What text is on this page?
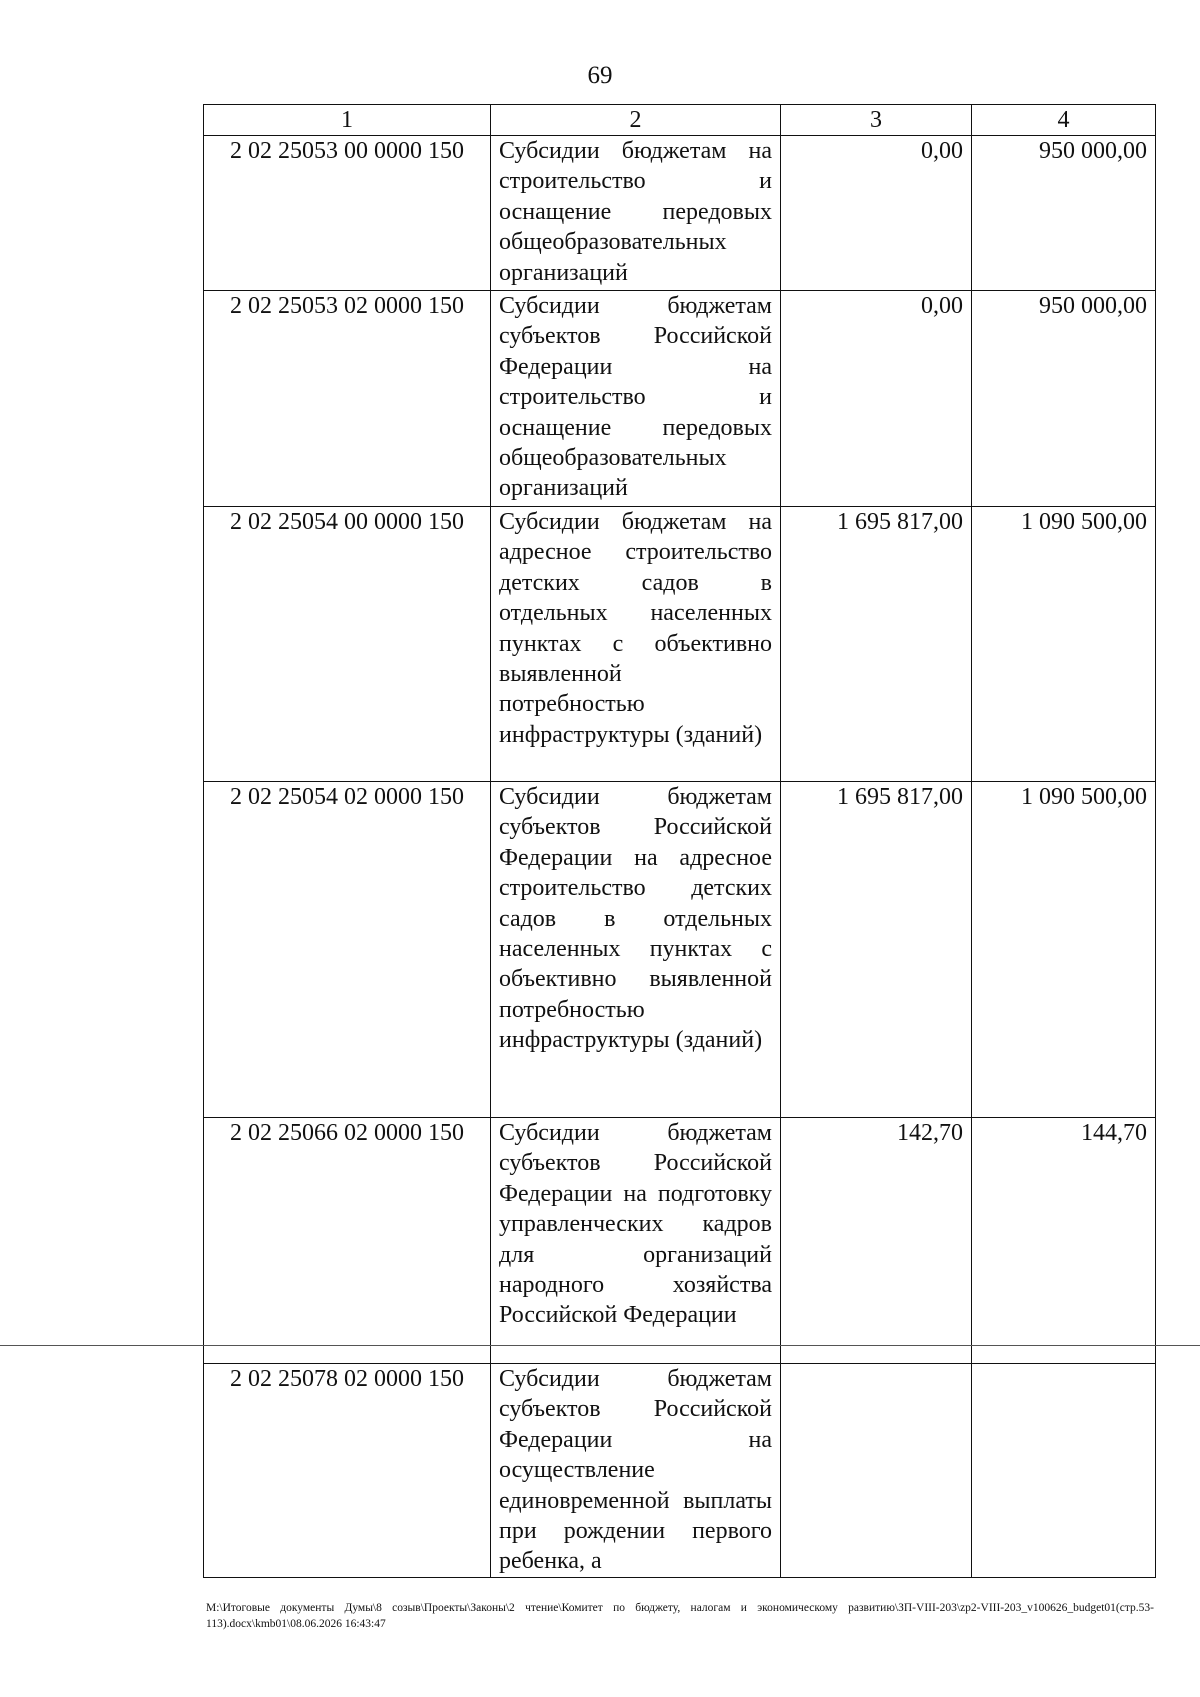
69
1	2	3	4
2 02 25053 00 0000 150	Субсидии бюджетам на строительство и оснащение передовых общеобразовательных организаций	0,00	950 000,00
2 02 25053 02 0000 150	Субсидии бюджетам субъектов Российской Федерации на строительство и оснащение передовых общеобразовательных организаций	0,00	950 000,00
2 02 25054 00 0000 150	Субсидии бюджетам на адресное строительство детских садов в отдельных населенных пунктах с объективно выявленной потребностью инфраструктуры (зданий)	1 695 817,00	1 090 500,00
2 02 25054 02 0000 150	Субсидии бюджетам субъектов Российской Федерации на адресное строительство детских садов в отдельных населенных пунктах с объективно выявленной потребностью инфраструктуры (зданий)	1 695 817,00	1 090 500,00
2 02 25066 02 0000 150	Субсидии бюджетам субъектов Российской Федерации на подготовку управленческих кадров для организаций народного хозяйства Российской Федерации	142,70	144,70
2 02 25078 02 0000 150	Субсидии бюджетам субъектов Российской Федерации на осуществление единовременной выплаты при рождении первого ребенка, а		
M:\Итоговые документы Думы\8 созыв\Проекты\Законы\2 чтение\Комитет по бюджету, налогам и экономическому развитию\ЗП-VIII-203\zp2-VIII-203_v100626_budget01(стр.53-113).docx\kmb01\08.06.2026 16:43:47
